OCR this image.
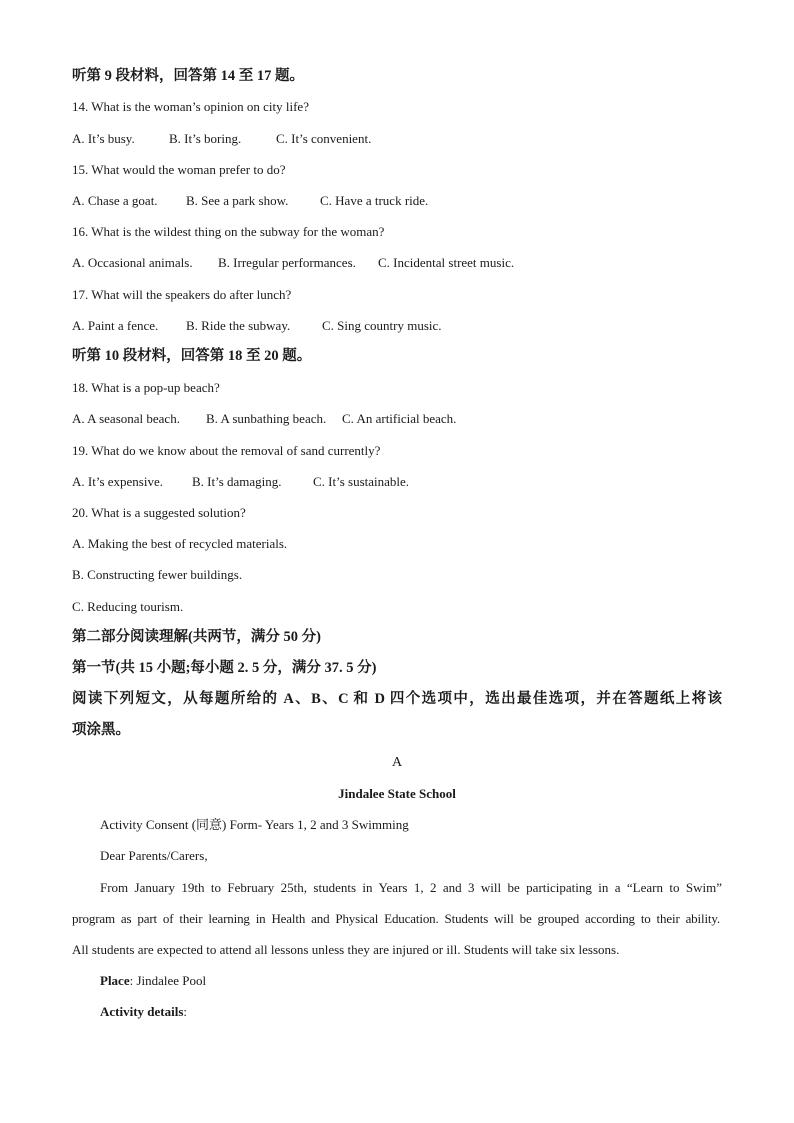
听第 9 段材料，回答第 14 至 17 题。
14. What is the woman’s opinion on city life?
A. It’s busy.	B. It’s boring.	C. It’s convenient.
15. What would the woman prefer to do?
A. Chase a goat. B. See a park show. C. Have a truck ride.
16. What is the wildest thing on the subway for the woman?
A. Occasional animals. B. Irregular performances. C. Incidental street music.
17. What will the speakers do after lunch?
A. Paint a fence. B. Ride the subway. C. Sing country music.
听第 10 段材料，回答第 18 至 20 题。
18. What is a pop-up beach?
A. A seasonal beach. B. A sunbathing beach. C. An artificial beach.
19. What do we know about the removal of sand currently?
A. It’s expensive. B. It’s damaging. C. It’s sustainable.
20. What is a suggested solution?
A. Making the best of recycled materials.
B. Constructing fewer buildings.
C. Reducing tourism.
第二部分阅读理解(共两节，满分 50 分)
第一节(共 15 小题;每小题 2. 5 分，满分 37. 5 分)
阅读下列短文，从每题所给的 A、B、C 和 D 四个选项中，选出最佳选项，并在答题纸上将该
项涂黑。
A
Jindalee State School
Activity Consent (同意) Form- Years 1, 2 and 3 Swimming
Dear Parents/Carers,
From January 19th to February 25th, students in Years 1, 2 and 3 will be participating in a “Learn to Swim”
program as part of their learning in Health and Physical Education. Students will be grouped according to their ability.
All students are expected to attend all lessons unless they are injured or ill. Students will take six lessons.
Place: Jindalee Pool
Activity details:
